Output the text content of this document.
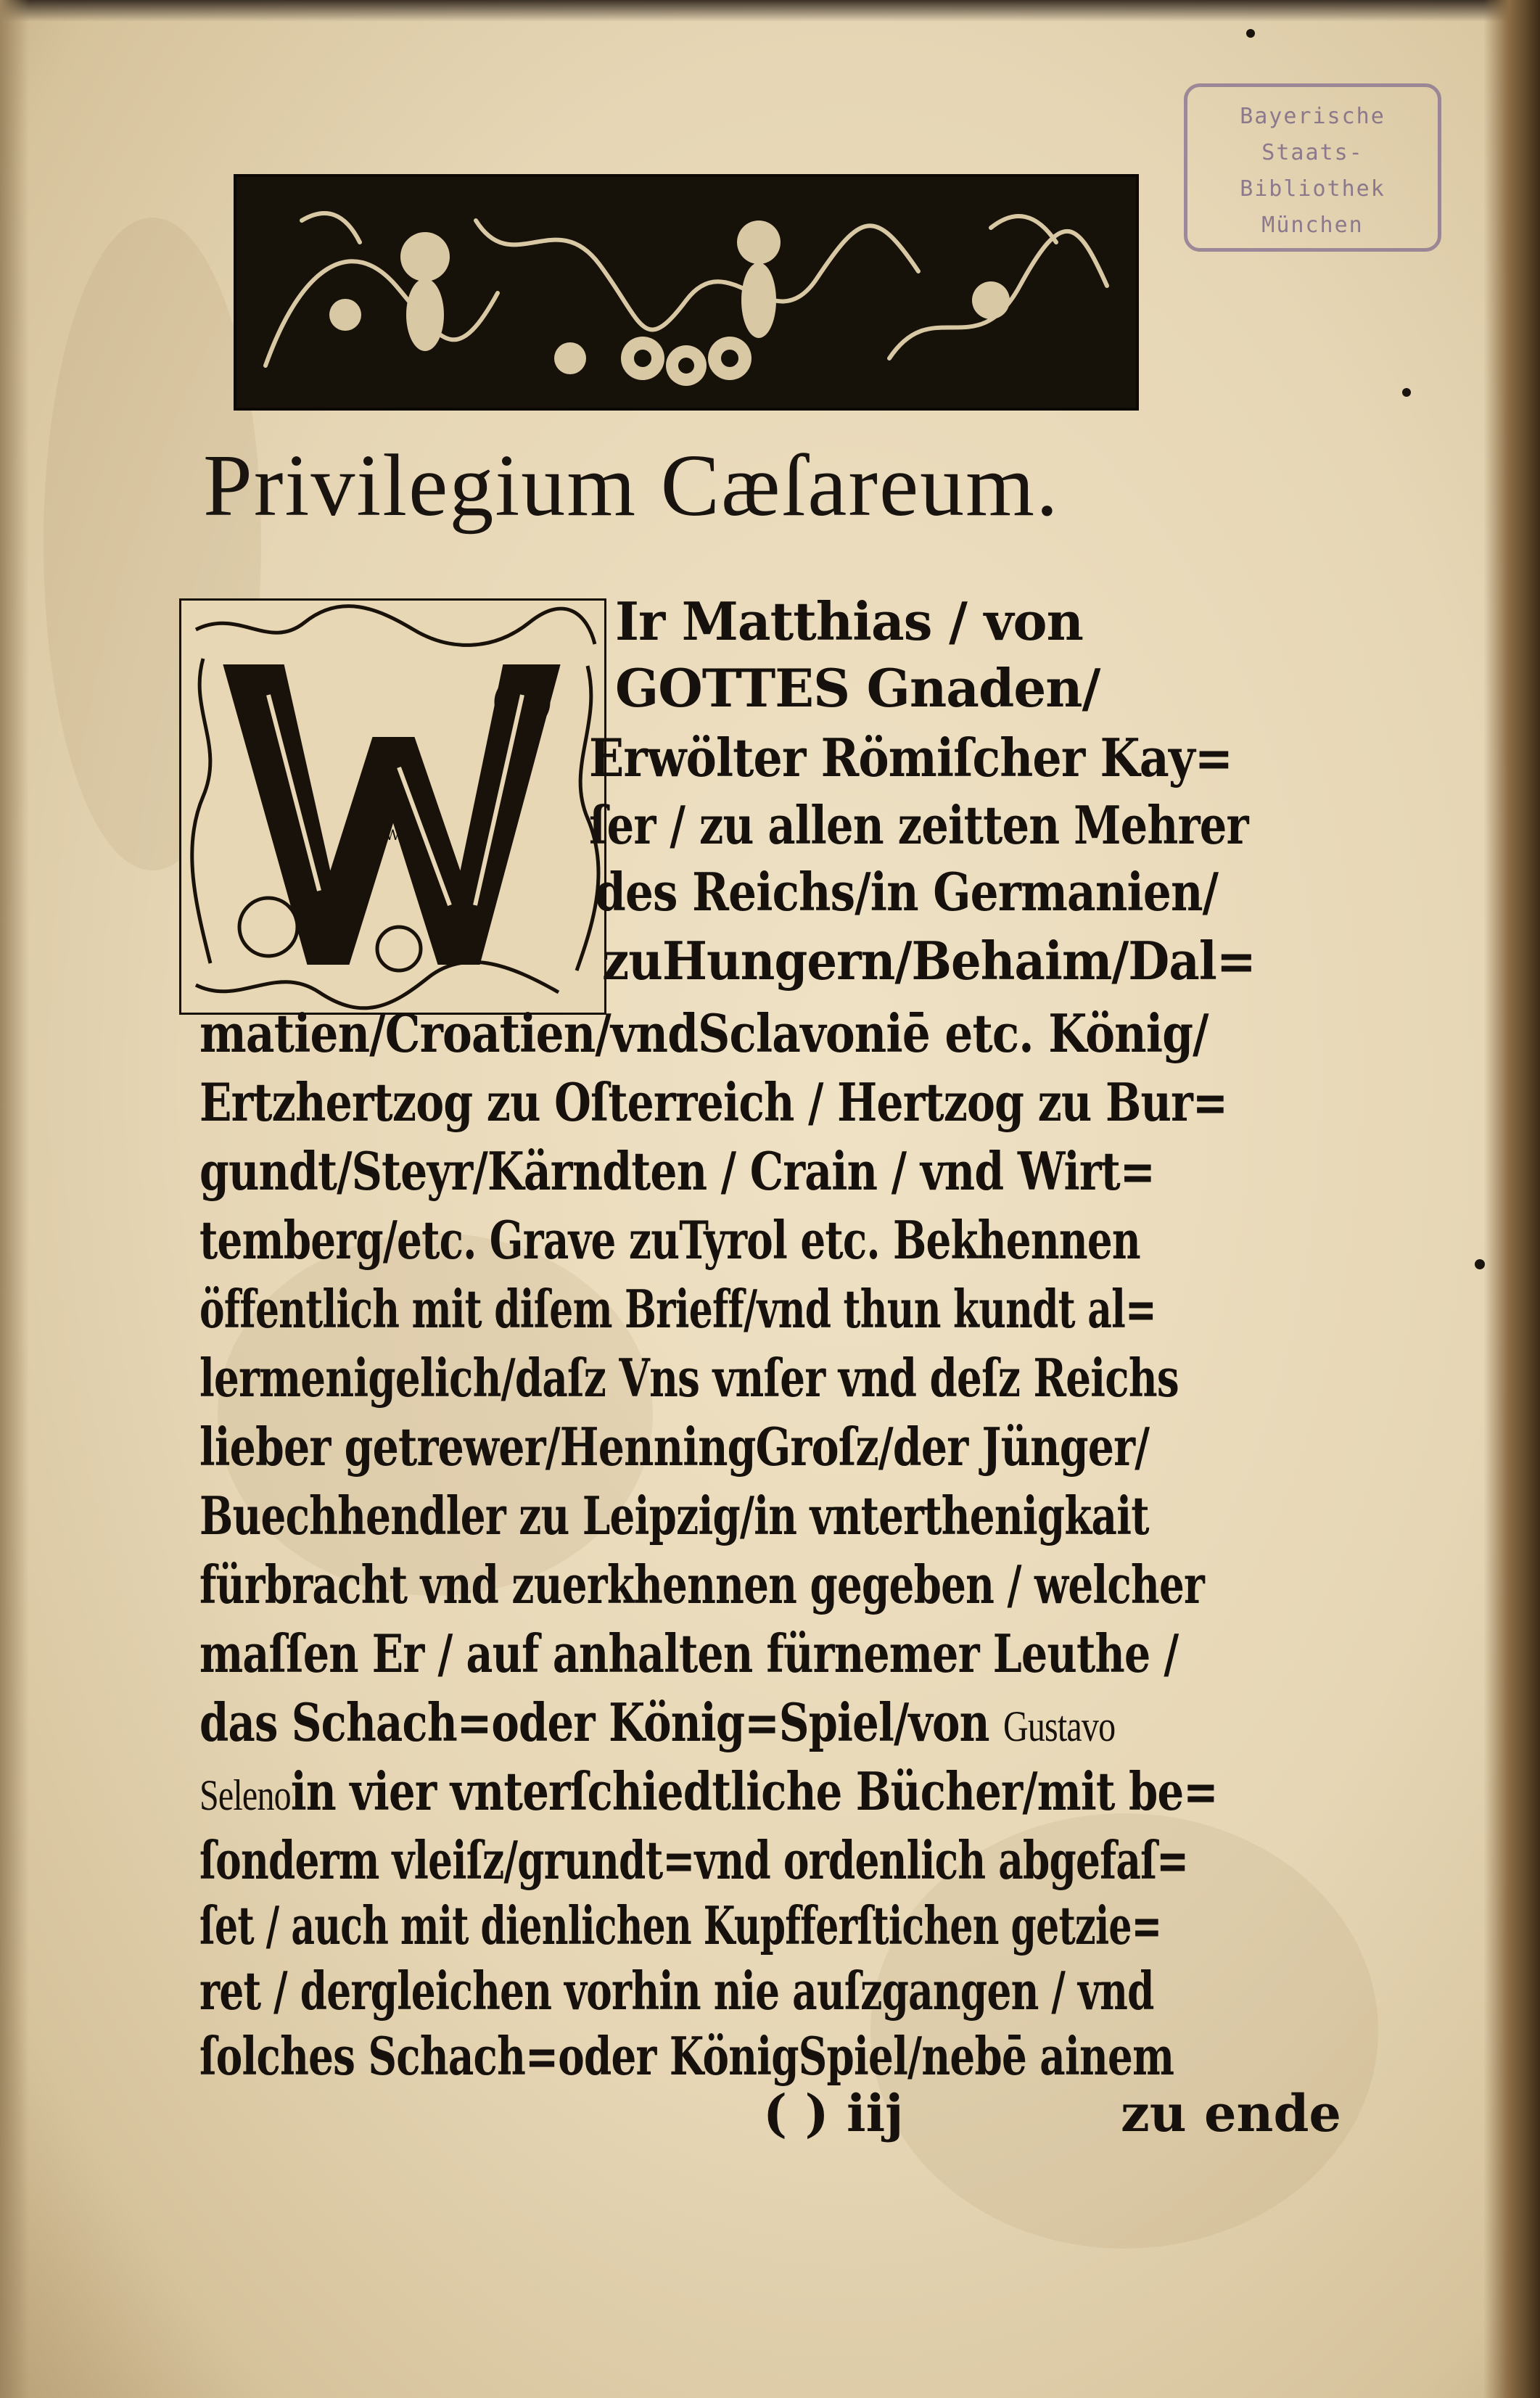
Bayerische
Staats-
Bibliothek
München
Privilegium Cæſareum.
W
Ir Matthias / von
GOTTES Gnaden/
Erwölter Römiſcher Kay=
ſer / zu allen zeitten Mehrer
des Reichs/in Germanien/
zuHungern/Behaim/Dal=
matien/Croatien/vndSclavoniē etc. König/
Ertzhertzog zu Oſterreich / Hertzog zu Bur=
gundt/Steyr/Kärndten / Crain / vnd Wirt=
temberg/etc. Grave zuTyrol etc. Bekhennen
öffentlich mit diſem Brieff/vnd thun kundt al=
lermenigelich/daſz Vns vnſer vnd deſz Reichs
lieber getrewer/HenningGroſz/der Jünger/
Buechhendler zu Leipzig/in vnterthenigkait
fürbracht vnd zuerkhennen gegeben / welcher
maſſen Er / auf anhalten fürnemer Leuthe /
das Schach=oder König=Spiel/von Gustavo
Selenoin vier vnterſchiedtliche Bücher/mit be=
ſonderm vleiſz/grundt=vnd ordenlich abgefaſ=
ſet / auch mit dienlichen Kupfferſtichen getzie=
ret / dergleichen vorhin nie auſzgangen / vnd
ſolches Schach=oder KönigSpiel/nebē ainem
( ) iij	zu ende
